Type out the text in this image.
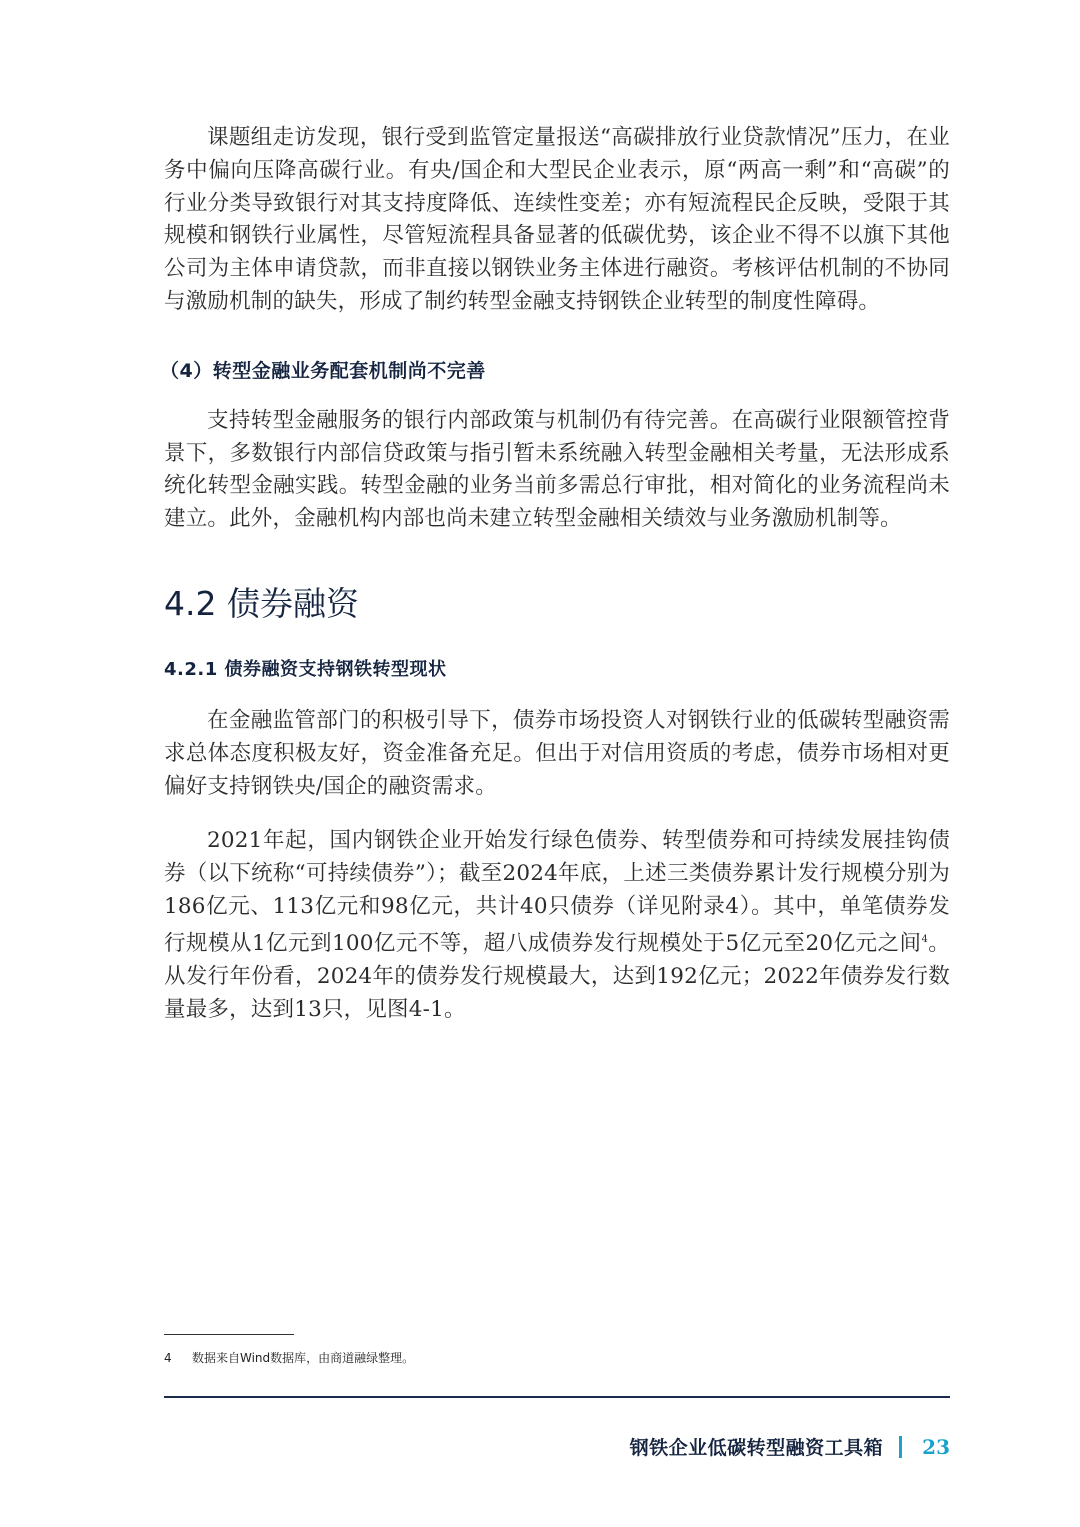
课题组走访发现，银行受到监管定量报送“高碳排放行业贷款情况”压力，在业务中偏向压降高碳行业。有央/国企和大型民企业表示，原“两高一剩”和“高碳”的行业分类导致银行对其支持度降低、连续性变差；亦有短流程民企反映，受限于其规模和钢铁行业属性，尽管短流程具备显著的低碳优势，该企业不得不以旗下其他公司为主体申请贷款，而非直接以钢铁业务主体进行融资。考核评估机制的不协同与激励机制的缺失，形成了制约转型金融支持钢铁企业转型的制度性障碍。

（4）转型金融业务配套机制尚不完善

支持转型金融服务的银行内部政策与机制仍有待完善。在高碳行业限额管控背景下，多数银行内部信贷政策与指引暂未系统融入转型金融相关考量，无法形成系统化转型金融实践。转型金融的业务当前多需总行审批，相对简化的业务流程尚未建立。此外，金融机构内部也尚未建立转型金融相关绩效与业务激励机制等。

4.2 债券融资

4.2.1 债券融资支持钢铁转型现状

在金融监管部门的积极引导下，债券市场投资人对钢铁行业的低碳转型融资需求总体态度积极友好，资金准备充足。但出于对信用资质的考虑，债券市场相对更偏好支持钢铁央/国企的融资需求。

2021年起，国内钢铁企业开始发行绿色债券、转型债券和可持续发展挂钩债券（以下统称“可持续债券”）；截至2024年底，上述三类债券累计发行规模分别为186亿元、113亿元和98亿元，共计40只债券（详见附录4）。其中，单笔债券发行规模从1亿元到100亿元不等，超八成债券发行规模处于5亿元至20亿元之间$^4$。从发行年份看，2024年的债券发行规模最大，达到192亿元；2022年债券发行数量最多，达到13只，见图4-1。

4 数据来自Wind数据库，由商道融绿整理。
钢铁企业低碳转型融资工具箱 23
